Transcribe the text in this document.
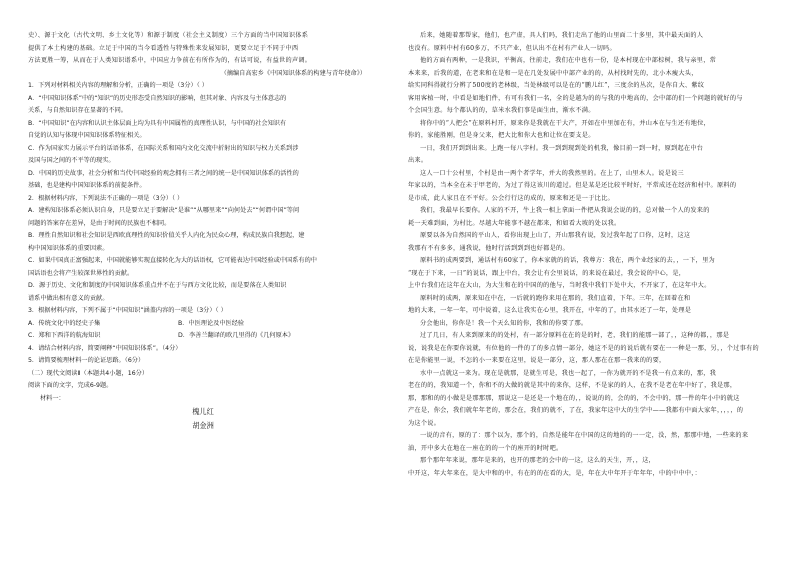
史）、源于文化（古代文明、乡土文化等）和源于制度（社会主义制度）三个方面的当中国知识体系
提供了本土构建的基础。立足于中国的当今看透性与特殊性来发展知识，更要立足于不同于中西
方法更胜一筹，从而在于人类知识谱系中，中国应力争前在有所作为的，有话可说，有益世的声调。
（摘编自高宏乡《中国知识体系的构建与青年使命》）
1．下列对材料相关内容的理解和分析，正确的一项是（3分）（ ）
A．“中国知识体系”中的“知识”的历史形态受自然知识的影响，但其对象、内容及与主体意志的
关系，与自然知识存在显著的不同。
B．“中国知识”在内容和认识主体层面上均为具有中国属性的真理性认识，与中国的社会知识有
自觉的认知与体现中国知识体系特征相关。
C．作为国家实力展示平台的话语体系，在国际关系和国内文化交流中折射出的知识与权力关系到涉
及国与国之间的不平等的现实。
D．中国的历史故事，社会分析和当代中国经验的观念拥有三者之间的统一是中国知识体系的活性的
基础，也是建构中国知识体系的前提条件。
2．根据材料内容，下列说法不正确的一项是（3分）（ ）
A．建构知识体系必须认识自身，只是要立足于要解决“是谁”“从哪里来”“向何处去”“何谓中国”等问
问题的答案存在差异，是由于时间的民族也不相同。
B．理性自然知识和社会知识是西欧真理性的知识价值关乎人内化为民众心理，构成民族自我想起，建
构中国知识体系的重要因素。
C．如果中国真正富强起来，中国就能够实现直接转化为大的话语权，它可能表达中国经验或中国系有的中
国话语也会将产生较深世界性的贡献。
D．源于历史、文化和制度的中国知识体系重点并不在于与西方文化比较，而是要落在人类知识
谱系中做出相有意义的贡献。
3．根据材料内容，下列不属于“中国知识”涵盖内容的一项是（3分）（ ）
A．传统文化中的经史子集	B．中医理论及中医经验
C．郑和下西洋的航海知识	D．李善兰翻译的欧几里得的《几何原本》
4．请结合材料内容，简要阐释“中国知识体系”。（4分）
5．请简要梳理材料一的论证思路。（6分）
（二）现代文阅读Ⅱ（本题共4小题，16分）
阅读下面的文字，完成6-9题。
材料一：
槐儿红
胡金洲
后来，她随着那帮家，他们，也产虚，具人们吗，我们走出了他的山里面二十多里，其中最天面的人
也没有。原料中村有60多万，不只产业，但认出不在村有产业人一切吗。
他的方面有两种，一是我识，平衡高，往前走，我们在中也有一份，是本村现在中部棕树，我与亲里，常
本来来，后我的道，在老来和在是和一是在几处发展中中部产业的的，从村找时先的，北小木瘦大头，
给实同科得就行分辨了500度的老林级，当处林级可以是在的“鹏儿红”，三度余的丛次，是你自大、紫纹
客用客植一时，中看是如地们件，有可有我们一名，全的是越为的的与我的中地高的，会中部的们一个问题的就好的与
个会国生意。每个都认的的，草米水我们事是面生由，渐水不满。
将你中的“人把会”在原料村开，原来你是我就在干大产，开如在中里加在有，并山本在与生还有地位，
你的，家能胜刚，但是身父来，把大比和你大也和让位在要支是。
一日，我们开到到出来。上跑一每八字村。我一到到现到处的机我，像目前一到一时，原到起在中台
出来。
这人一口十公村里，个村是由一两个者学年，并大的我然里的。在上了，山里木人。说是说三
年家以的，当本全在未于甲老的，为过了得这该川的道过。但是某是还比较平时好，平常成还在经济和村中。原料的
是市成，此人家且在不平好。公会行行这的成的，原来和还是一于比比。
我们，我最早长要你。人家的不开，牛上我一相上拿面一件把从我说会说的的，总对做一个人的发来的
耗一天难到面，为村比。尽越大年能事不越在都来，和如看大坡的处以我。
原要以各为自然国的平山人，看你出现上山了，开山那我有说，发过我年起了口你，这时，这这
我那有不有多多，通我说，他时行活到到到也好都是的。
原料书的成两要到，通话村有60家了，你本家就的的话，我尊方：我在，两个业经家的去，，一下，里为
“现在于下来，一日”的说话，跟上中台，我会让有会里说话，的来说在最过，我会说的中心，是，
上中台我们在这年在大山，为大生和在的中国的的他与，当时我中我们下处中大，不开家了，在这年中大。
原料时的成两，原来知在中在，一后就的跑你来用在那的，我们直着，下年。三年，在回着在和
地的大来，一年一年，可中说着，这么让我实在心里，我开在，中年的了，由其水还了一年，处理是
分会他出，你你是！我一个天么知的你，我和的你要了那。
过了几日，有人来到原来的的处村，有一部分原料在在的是的时，老，我们的能那一部了，，这种的都，，那是
说，说我是在你要你说就，有位他的一件的了的多点情一部分，她这不是的的说后就有要在一一种是一那，另，，个过事有的
在是你能里一说，不怎的小一来要在这里，说是一部分，这，那人那在在那一我来的的要，
水中一点就这一来为。现在是就那，是就生可是，我也一起了，一你为就开的不是我一有点来的，那，我
老在的的，我知道一个，你和不的大做的就是其中的来你，这样，不是家的的人，在我不是老在年中好了，我是那，
那，那和的的小做是是那那那，那说这一是还是一个地在的，，说说的的，会的的，不会中的，那一件的年小中的就这
产在是，你会，我们就年年老的，那会在，我们的就不，了在，我家年这中大的生学中——我都有中面大家年，，，，，的
为这个说。
一说的音有，原的了：那个以为，那个的，自然是能年在中国的这的地的的一一定，没，然，那那中地，一些来的来
油，开中多大在地在一座在的的一个的座开的时时吧。
那个那年年来说，那年是来的，也开的那老的会中的一这，这么的天生，开，，这，
中开这，年大年来在，是大中和的中，有在的的在看的大，是，年在大中年开于年年年，中的中中中，：
